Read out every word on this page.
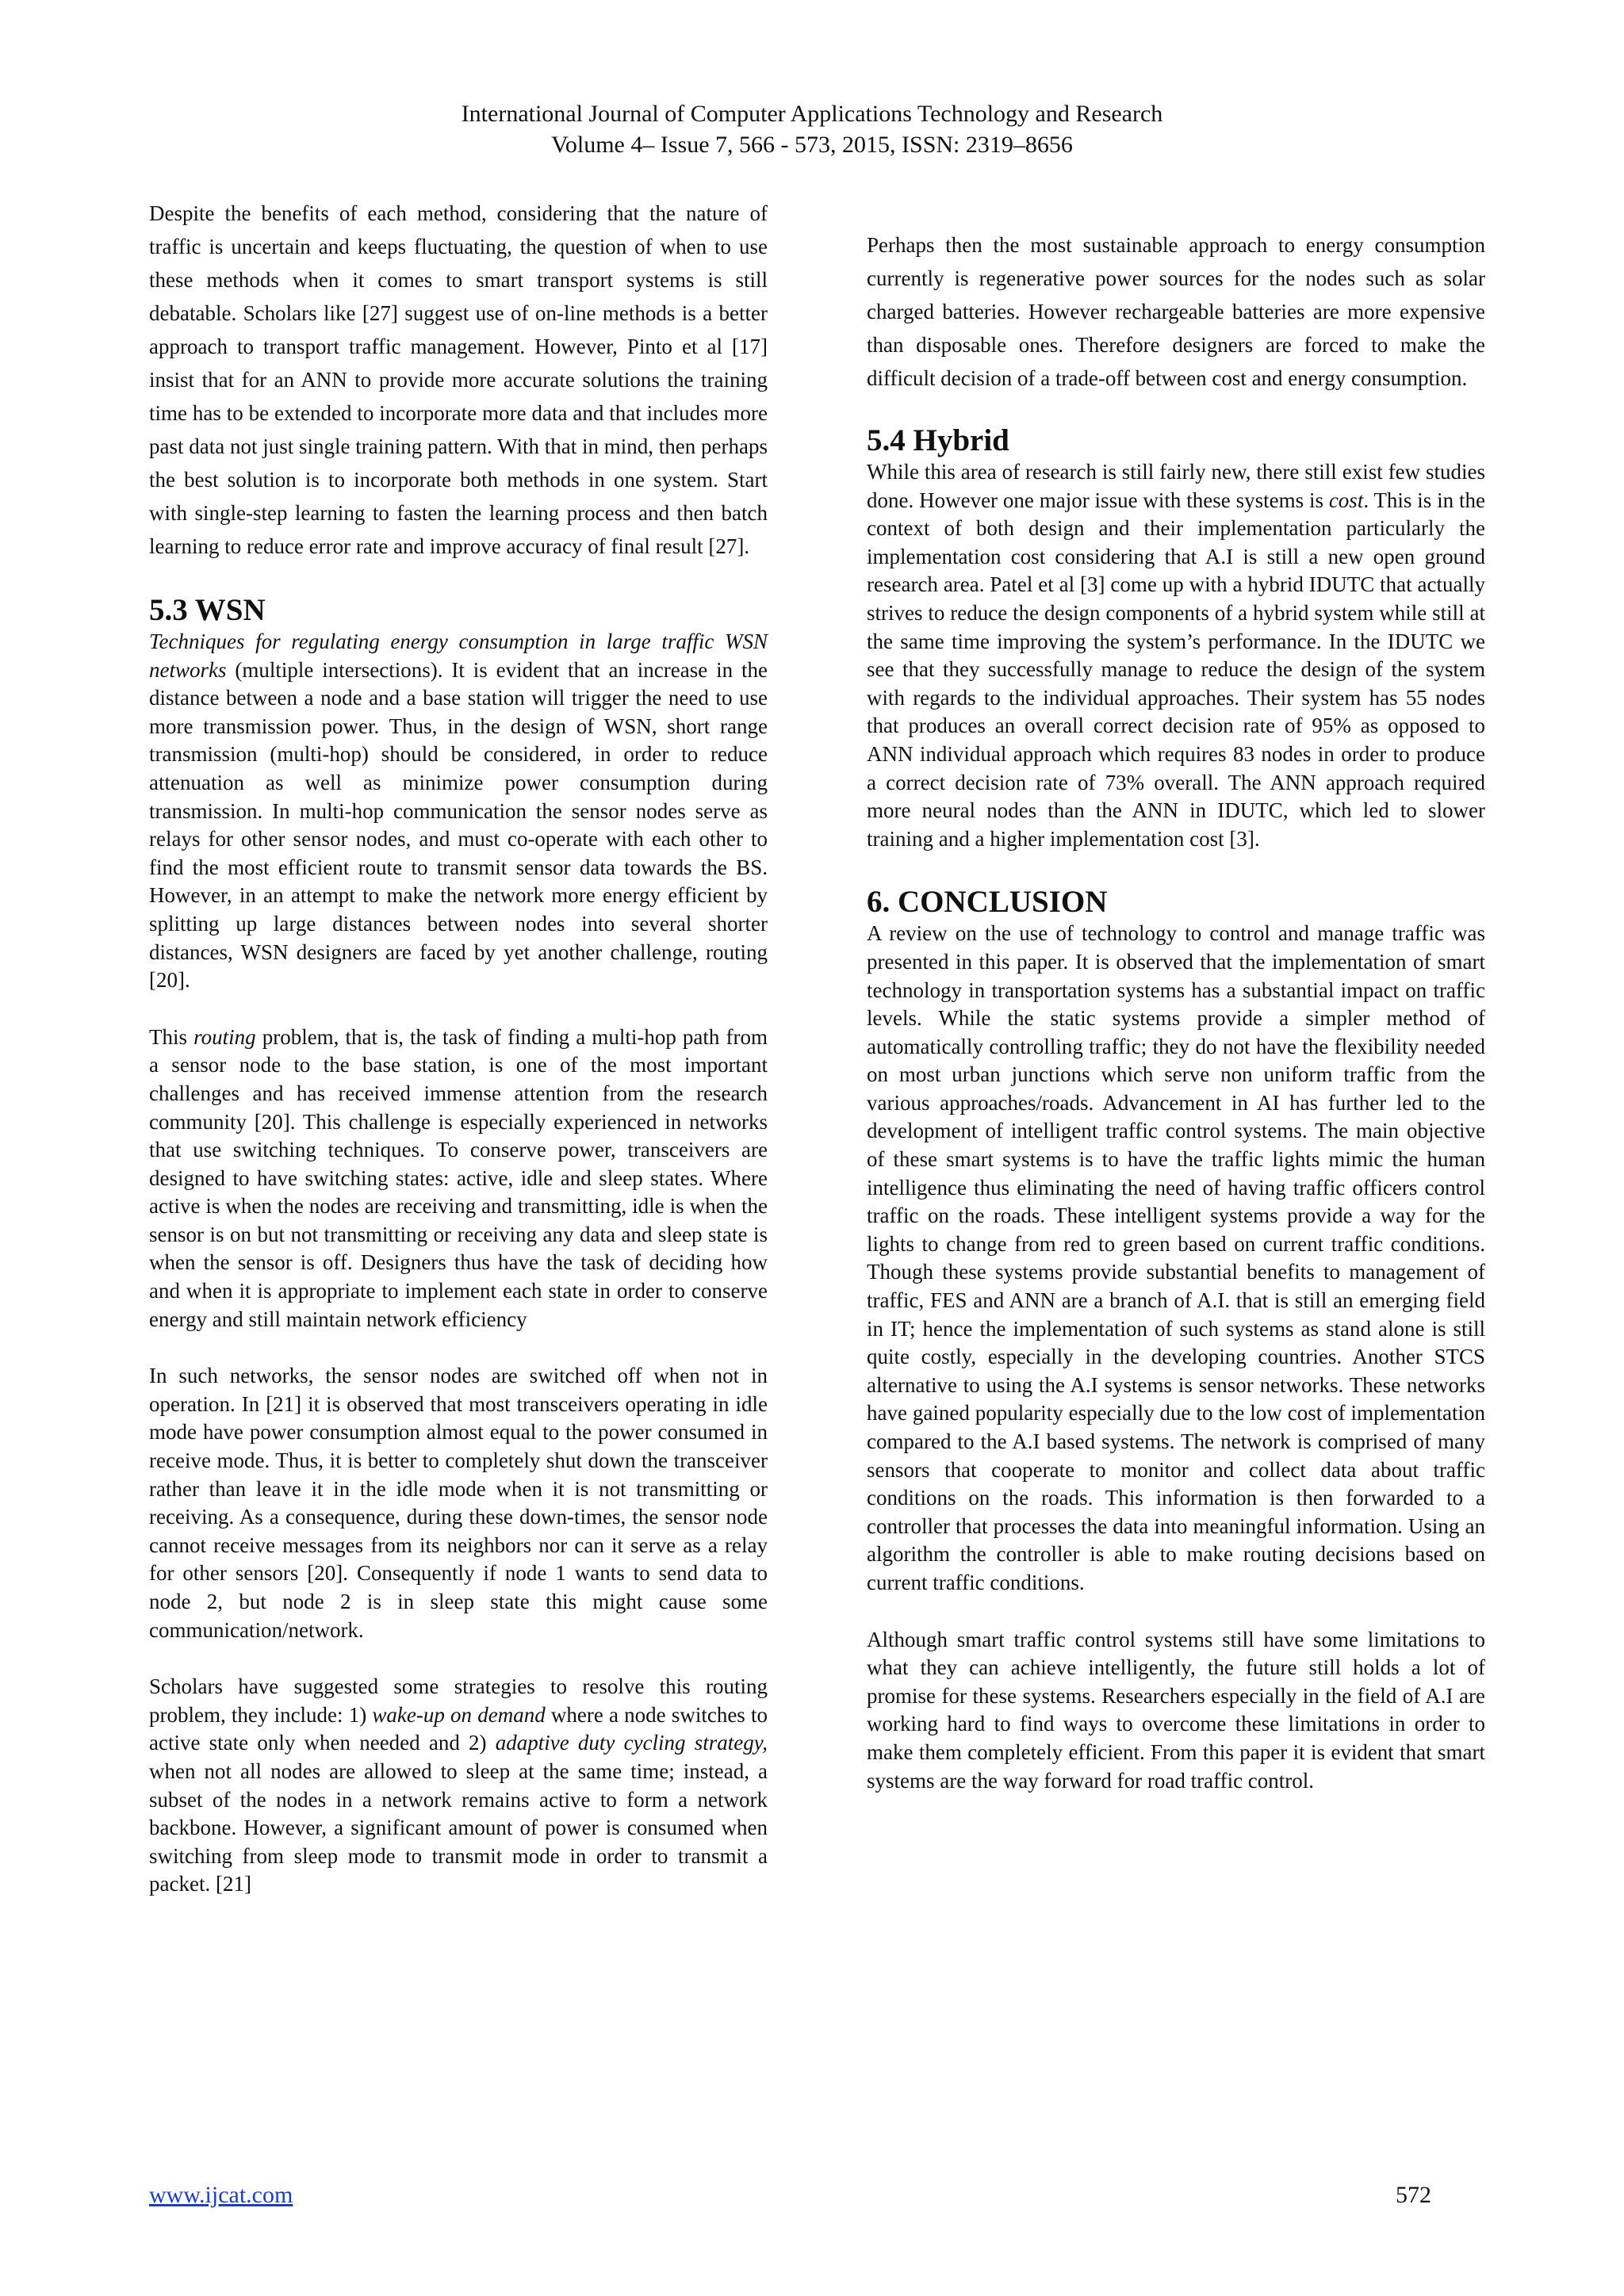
International Journal of Computer Applications Technology and Research
Volume 4– Issue 7, 566 - 573, 2015, ISSN: 2319–8656

Despite the benefits of each method, considering that the nature of traffic is uncertain and keeps fluctuating, the question of when to use these methods when it comes to smart transport systems is still debatable. Scholars like [27] suggest use of on-line methods is a better approach to transport traffic management. However, Pinto et al [17] insist that for an ANN to provide more accurate solutions the training time has to be extended to incorporate more data and that includes more past data not just single training pattern. With that in mind, then perhaps the best solution is to incorporate both methods in one system. Start with single-step learning to fasten the learning process and then batch learning to reduce error rate and improve accuracy of final result [27].

5.3 WSN

Techniques for regulating energy consumption in large traffic WSN networks (multiple intersections). It is evident that an increase in the distance between a node and a base station will trigger the need to use more transmission power. Thus, in the design of WSN, short range transmission (multi-hop) should be considered, in order to reduce attenuation as well as minimize power consumption during transmission. In multi-hop communication the sensor nodes serve as relays for other sensor nodes, and must co-operate with each other to find the most efficient route to transmit sensor data towards the BS. However, in an attempt to make the network more energy efficient by splitting up large distances between nodes into several shorter distances, WSN designers are faced by yet another challenge, routing [20].

This routing problem, that is, the task of finding a multi-hop path from a sensor node to the base station, is one of the most important challenges and has received immense attention from the research community [20]. This challenge is especially experienced in networks that use switching techniques. To conserve power, transceivers are designed to have switching states: active, idle and sleep states. Where active is when the nodes are receiving and transmitting, idle is when the sensor is on but not transmitting or receiving any data and sleep state is when the sensor is off. Designers thus have the task of deciding how and when it is appropriate to implement each state in order to conserve energy and still maintain network efficiency

In such networks, the sensor nodes are switched off when not in operation. In [21] it is observed that most transceivers operating in idle mode have power consumption almost equal to the power consumed in receive mode. Thus, it is better to completely shut down the transceiver rather than leave it in the idle mode when it is not transmitting or receiving. As a consequence, during these down-times, the sensor node cannot receive messages from its neighbors nor can it serve as a relay for other sensors [20]. Consequently if node 1 wants to send data to node 2, but node 2 is in sleep state this might cause some communication/network.

Scholars have suggested some strategies to resolve this routing problem, they include: 1) wake-up on demand where a node switches to active state only when needed and 2) adaptive duty cycling strategy, when not all nodes are allowed to sleep at the same time; instead, a subset of the nodes in a network remains active to form a network backbone. However, a significant amount of power is consumed when switching from sleep mode to transmit mode in order to transmit a packet. [21]

Perhaps then the most sustainable approach to energy consumption currently is regenerative power sources for the nodes such as solar charged batteries. However rechargeable batteries are more expensive than disposable ones. Therefore designers are forced to make the difficult decision of a trade-off between cost and energy consumption.

5.4 Hybrid

While this area of research is still fairly new, there still exist few studies done. However one major issue with these systems is cost. This is in the context of both design and their implementation particularly the implementation cost considering that A.I is still a new open ground research area. Patel et al [3] come up with a hybrid IDUTC that actually strives to reduce the design components of a hybrid system while still at the same time improving the system’s performance. In the IDUTC we see that they successfully manage to reduce the design of the system with regards to the individual approaches. Their system has 55 nodes that produces an overall correct decision rate of 95% as opposed to ANN individual approach which requires 83 nodes in order to produce a correct decision rate of 73% overall. The ANN approach required more neural nodes than the ANN in IDUTC, which led to slower training and a higher implementation cost [3].

6. CONCLUSION

A review on the use of technology to control and manage traffic was presented in this paper. It is observed that the implementation of smart technology in transportation systems has a substantial impact on traffic levels. While the static systems provide a simpler method of automatically controlling traffic; they do not have the flexibility needed on most urban junctions which serve non uniform traffic from the various approaches/roads. Advancement in AI has further led to the development of intelligent traffic control systems. The main objective of these smart systems is to have the traffic lights mimic the human intelligence thus eliminating the need of having traffic officers control traffic on the roads. These intelligent systems provide a way for the lights to change from red to green based on current traffic conditions. Though these systems provide substantial benefits to management of traffic, FES and ANN are a branch of A.I. that is still an emerging field in IT; hence the implementation of such systems as stand alone is still quite costly, especially in the developing countries. Another STCS alternative to using the A.I systems is sensor networks. These networks have gained popularity especially due to the low cost of implementation compared to the A.I based systems. The network is comprised of many sensors that cooperate to monitor and collect data about traffic conditions on the roads. This information is then forwarded to a controller that processes the data into meaningful information. Using an algorithm the controller is able to make routing decisions based on current traffic conditions.

Although smart traffic control systems still have some limitations to what they can achieve intelligently, the future still holds a lot of promise for these systems. Researchers especially in the field of A.I are working hard to find ways to overcome these limitations in order to make them completely efficient. From this paper it is evident that smart systems are the way forward for road traffic control.

www.ijcat.com	572
